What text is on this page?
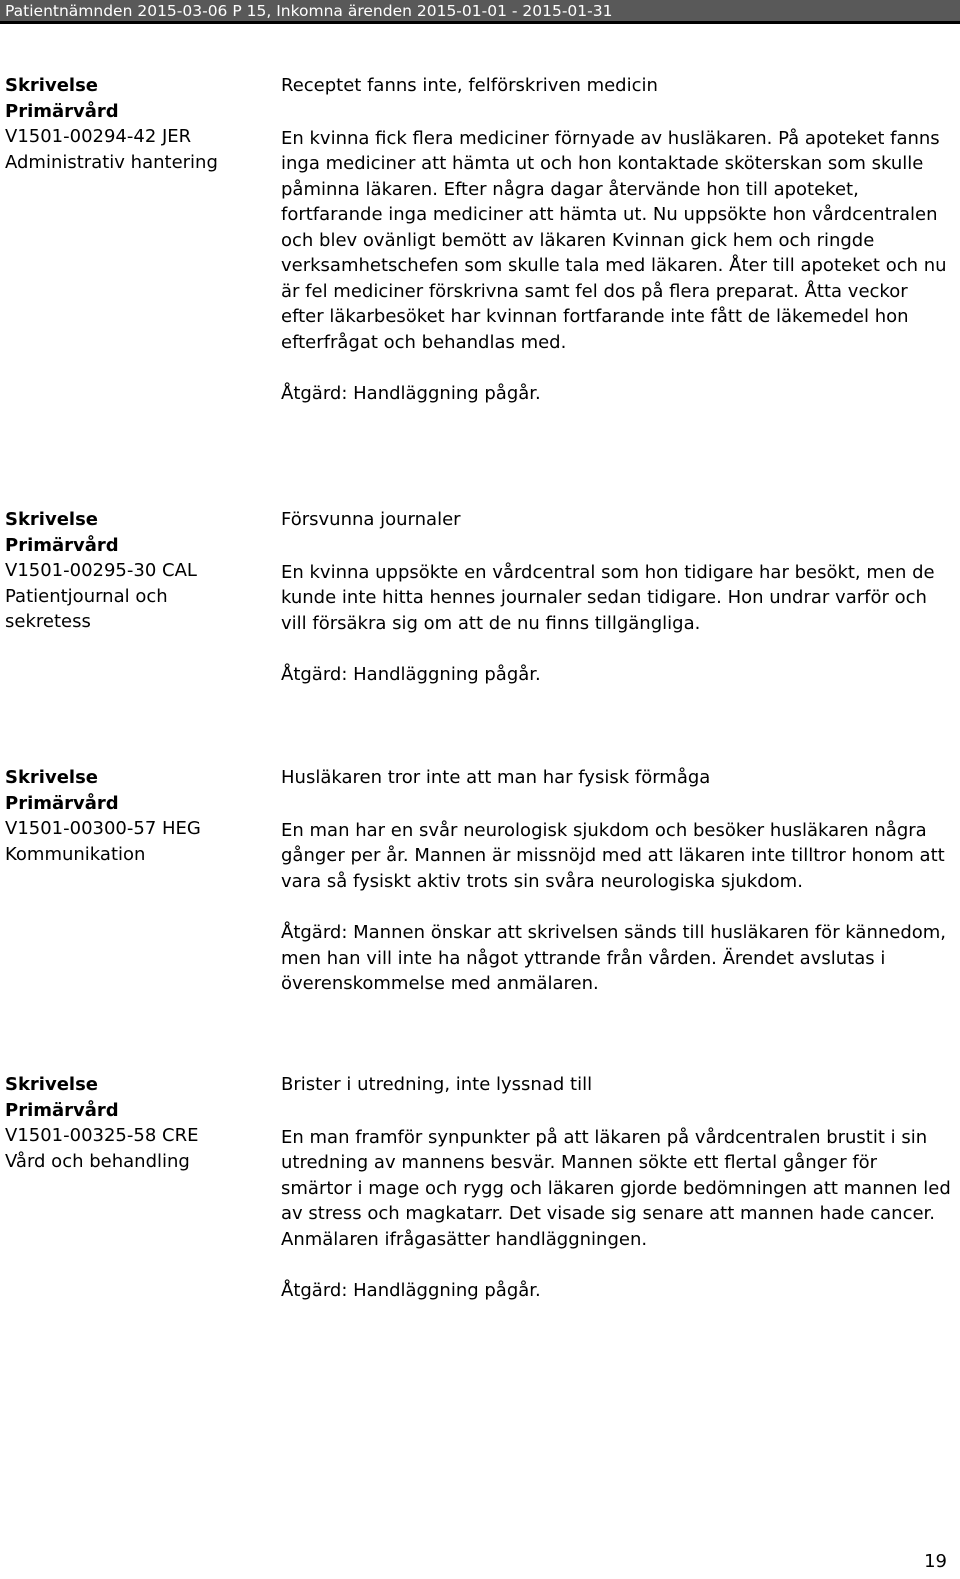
Patientnämnden 2015-03-06 P 15, Inkomna ärenden 2015-01-01 - 2015-01-31
Skrivelse
Primärvård
V1501-00294-42 JER
Administrativ hantering
Receptet fanns inte, felförskriven medicin
En kvinna fick flera mediciner förnyade av husläkaren. På apoteket fanns inga mediciner att hämta ut och hon kontaktade sköterskan som skulle påminna läkaren. Efter några dagar återvände hon till apoteket, fortfarande inga mediciner att hämta ut. Nu uppsökte hon vårdcentralen och blev ovänligt bemött av läkaren Kvinnan gick hem och ringde verksamhetschefen som skulle tala med läkaren. Åter till apoteket och nu är fel mediciner förskrivna samt fel dos på flera preparat. Åtta veckor efter läkarbesöket har kvinnan fortfarande inte fått de läkemedel hon efterfrågat och behandlas med.
Åtgärd: Handläggning pågår.
Skrivelse
Primärvård
V1501-00295-30 CAL
Patientjournal och
sekretess
Försvunna journaler
En kvinna uppsökte en vårdcentral som hon tidigare har besökt, men de kunde inte hitta hennes journaler sedan tidigare. Hon undrar varför och vill försäkra sig om att de nu finns tillgängliga.
Åtgärd: Handläggning pågår.
Skrivelse
Primärvård
V1501-00300-57 HEG
Kommunikation
Husläkaren tror inte att man har fysisk förmåga
En man har en svår neurologisk sjukdom och besöker husläkaren några gånger per år. Mannen är missnöjd med att läkaren inte tilltror honom att vara så fysiskt aktiv trots sin svåra neurologiska sjukdom.
Åtgärd: Mannen önskar att skrivelsen sänds till husläkaren för kännedom, men han vill inte ha något yttrande från vården. Ärendet avslutas i överenskommelse med anmälaren.
Skrivelse
Primärvård
V1501-00325-58 CRE
Vård och behandling
Brister i utredning, inte lyssnad till
En man framför synpunkter på att läkaren på vårdcentralen brustit i sin utredning av mannens besvär. Mannen sökte ett flertal gånger för smärtor i mage och rygg och läkaren gjorde bedömningen att mannen led av stress och magkatarr. Det visade sig senare att mannen hade cancer. Anmälaren ifrågasätter handläggningen.
Åtgärd: Handläggning pågår.
19
